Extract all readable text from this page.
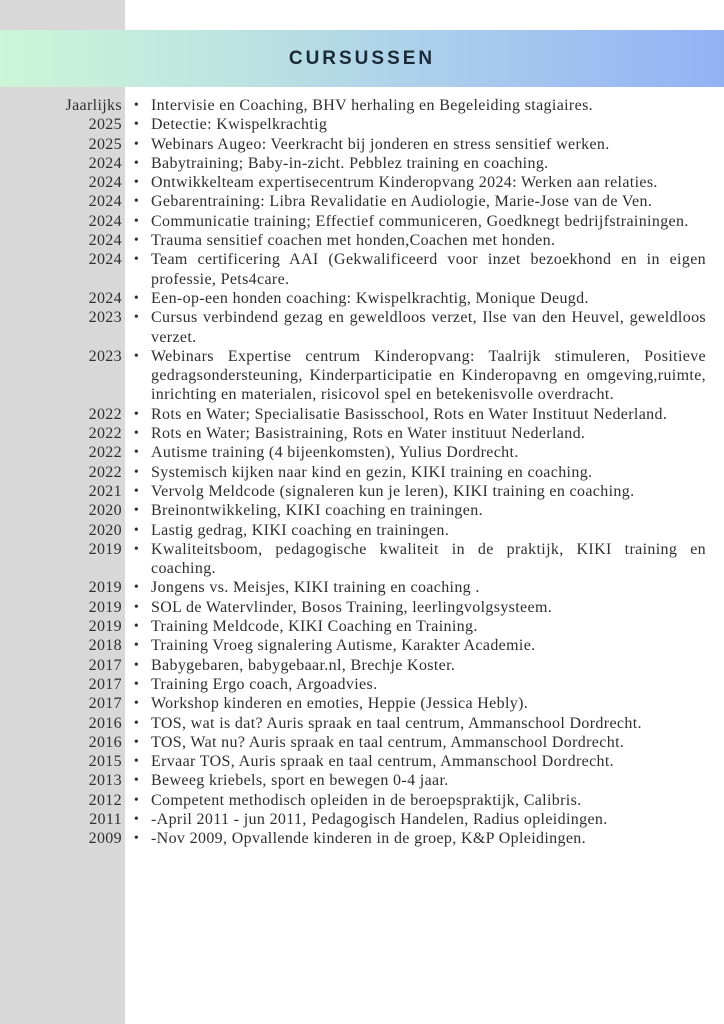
CURSUSSEN
Jaarlijks • Intervisie en Coaching, BHV herhaling en Begeleiding stagiaires.
2025 • Detectie: Kwispelkrachtig
2025 • Webinars Augeo: Veerkracht bij jonderen en stress sensitief werken.
2024 • Babytraining; Baby-in-zicht. Pebblez training en coaching.
2024 • Ontwikkelteam expertisecentrum Kinderopvang 2024: Werken aan relaties.
2024 • Gebarentraining: Libra Revalidatie en Audiologie, Marie-Jose van de Ven.
2024 • Communicatie training; Effectief communiceren, Goedknegt bedrijfstrainingen.
2024 • Trauma sensitief coachen met honden,Coachen met honden.
2024 • Team certificering AAI (Gekwalificeerd voor inzet bezoekhond en in eigen professie, Pets4care.
2024 • Een-op-een honden coaching: Kwispelkrachtig, Monique Deugd.
2023 • Cursus verbindend gezag en geweldloos verzet, Ilse van den Heuvel, geweldloos verzet.
2023 • Webinars Expertise centrum Kinderopvang: Taalrijk stimuleren, Positieve gedragsondersteuning, Kinderparticipatie en Kinderopavng en omgeving,ruimte, inrichting en materialen, risicovol spel en betekenisvolle overdracht.
2022 • Rots en Water; Specialisatie Basisschool, Rots en Water Instituut Nederland.
2022 • Rots en Water; Basistraining, Rots en Water instituut Nederland.
2022 • Autisme training (4 bijeenkomsten), Yulius Dordrecht.
2022 • Systemisch kijken naar kind en gezin, KIKI training en coaching.
2021 • Vervolg Meldcode (signaleren kun je leren), KIKI training en coaching.
2020 • Breinontwikkeling, KIKI coaching en trainingen.
2020 • Lastig gedrag, KIKI coaching en trainingen.
2019 • Kwaliteitsboom, pedagogische kwaliteit in de praktijk, KIKI training en coaching.
2019 • Jongens vs. Meisjes, KIKI training en coaching .
2019 • SOL de Watervlinder, Bosos Training, leerlingvolgsysteem.
2019 • Training Meldcode, KIKI Coaching en Training.
2018 • Training Vroeg signalering Autisme, Karakter Academie.
2017 • Babygebaren, babygebaar.nl, Brechje Koster.
2017 • Training Ergo coach, Argoadvies.
2017 • Workshop kinderen en emoties, Heppie (Jessica Hebly).
2016 • TOS, wat is dat? Auris spraak en taal centrum, Ammanschool Dordrecht.
2016 • TOS, Wat nu? Auris spraak en taal centrum, Ammanschool Dordrecht.
2015 • Ervaar TOS, Auris spraak en taal centrum, Ammanschool Dordrecht.
2013 • Beweeg kriebels, sport en bewegen 0-4 jaar.
2012 • Competent methodisch opleiden in de beroepspraktijk, Calibris.
2011 • -April 2011 - jun 2011, Pedagogisch Handelen, Radius opleidingen.
2009 • -Nov 2009, Opvallende kinderen in de groep, K&P Opleidingen.
